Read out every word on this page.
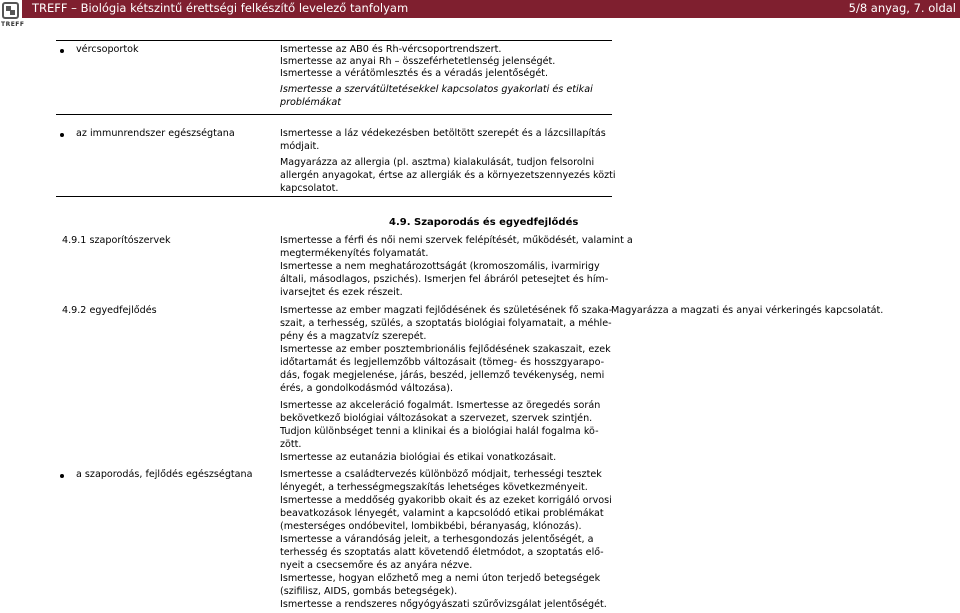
TREFF – Biológia kétszintű érettségi felkészítő levelező tanfolyam	5/8 anyag, 7. oldal
TREFF
vércsoportok	Ismertesse az AB0 és Rh-vércsoportrendszert.
Ismertesse az anyai Rh – összeférhetetlenség jelenségét.
Ismertesse a vérátömlesztés és a véradás jelentőségét.
Ismertesse a szervátültetésekkel kapcsolatos gyakorlati és etikai
problémákat
az immunrendszer egészségtana	Ismertesse a láz védekezésben betöltött szerepét és a lázcsillapítás
módjait.
Magyarázza az allergia (pl. asztma) kialakulását, tudjon felsorolni
allergén anyagokat, értse az allergiák és a környezetszennyezés közti
kapcsolatot.
4.9. Szaporodás és egyedfejlődés
4.9.1 szaporítószervek	Ismertesse a férfi és női nemi szervek felépítését, működését, valamint a
megtermékenyítés folyamatát.
Ismertesse a nem meghatározottságát (kromoszomális, ivarmirigy
általi, másodlagos, pszichés). Ismerjen fel ábráról petesejtet és hím-
ivarsejtet és ezek részeit.
4.9.2 egyedfejlődés	Ismertesse az ember magzati fejlődésének és születésének fő szaka-
szait, a terhesség, szülés, a szoptatás biológiai folyamatait, a méhle-
pény és a magzatvíz szerepét.
Ismertesse az ember posztembrionális fejlődésének szakaszait, ezek
időtartamát és legjellemzőbb változásait (tömeg- és hosszgyarapo-
dás, fogak megjelenése, járás, beszéd, jellemző tevékenység, nemi
érés, a gondolkodásmód változása).
Ismertesse az akceleráció fogalmát. Ismertesse az öregedés során
bekövetkező biológiai változásokat a szervezet, szervek szintjén.
Tudjon különbséget tenni a klinikai és a biológiai halál fogalma kö-
zött.
Ismertesse az eutanázia biológiai és etikai vonatkozásait.
Magyarázza a magzati és anyai vérkeringés kapcsolatát.
a szaporodás, fejlődés egészségtana	Ismertesse a családtervezés különböző módjait, terhességi tesztek
lényegét, a terhességmegszakítás lehetséges következményeit.
Ismertesse a meddőség gyakoribb okait és az ezeket korrigáló orvosi
beavatkozások lényegét, valamint a kapcsolódó etikai problémákat
(mesterséges ondóbevitel, lombikbébi, béranyaság, klónozás).
Ismertesse a várandóság jeleit, a terhesgondozás jelentőségét, a
terhesség és szoptatás alatt követendő életmódot, a szoptatás elő-
nyeit a csecsemőre és az anyára nézve.
Ismertesse, hogyan előzhető meg a nemi úton terjedő betegségek
(szifilisz, AIDS, gombás betegségek).
Ismertesse a rendszeres nőgyógyászati szűrővizsgálat jelentőségét.
